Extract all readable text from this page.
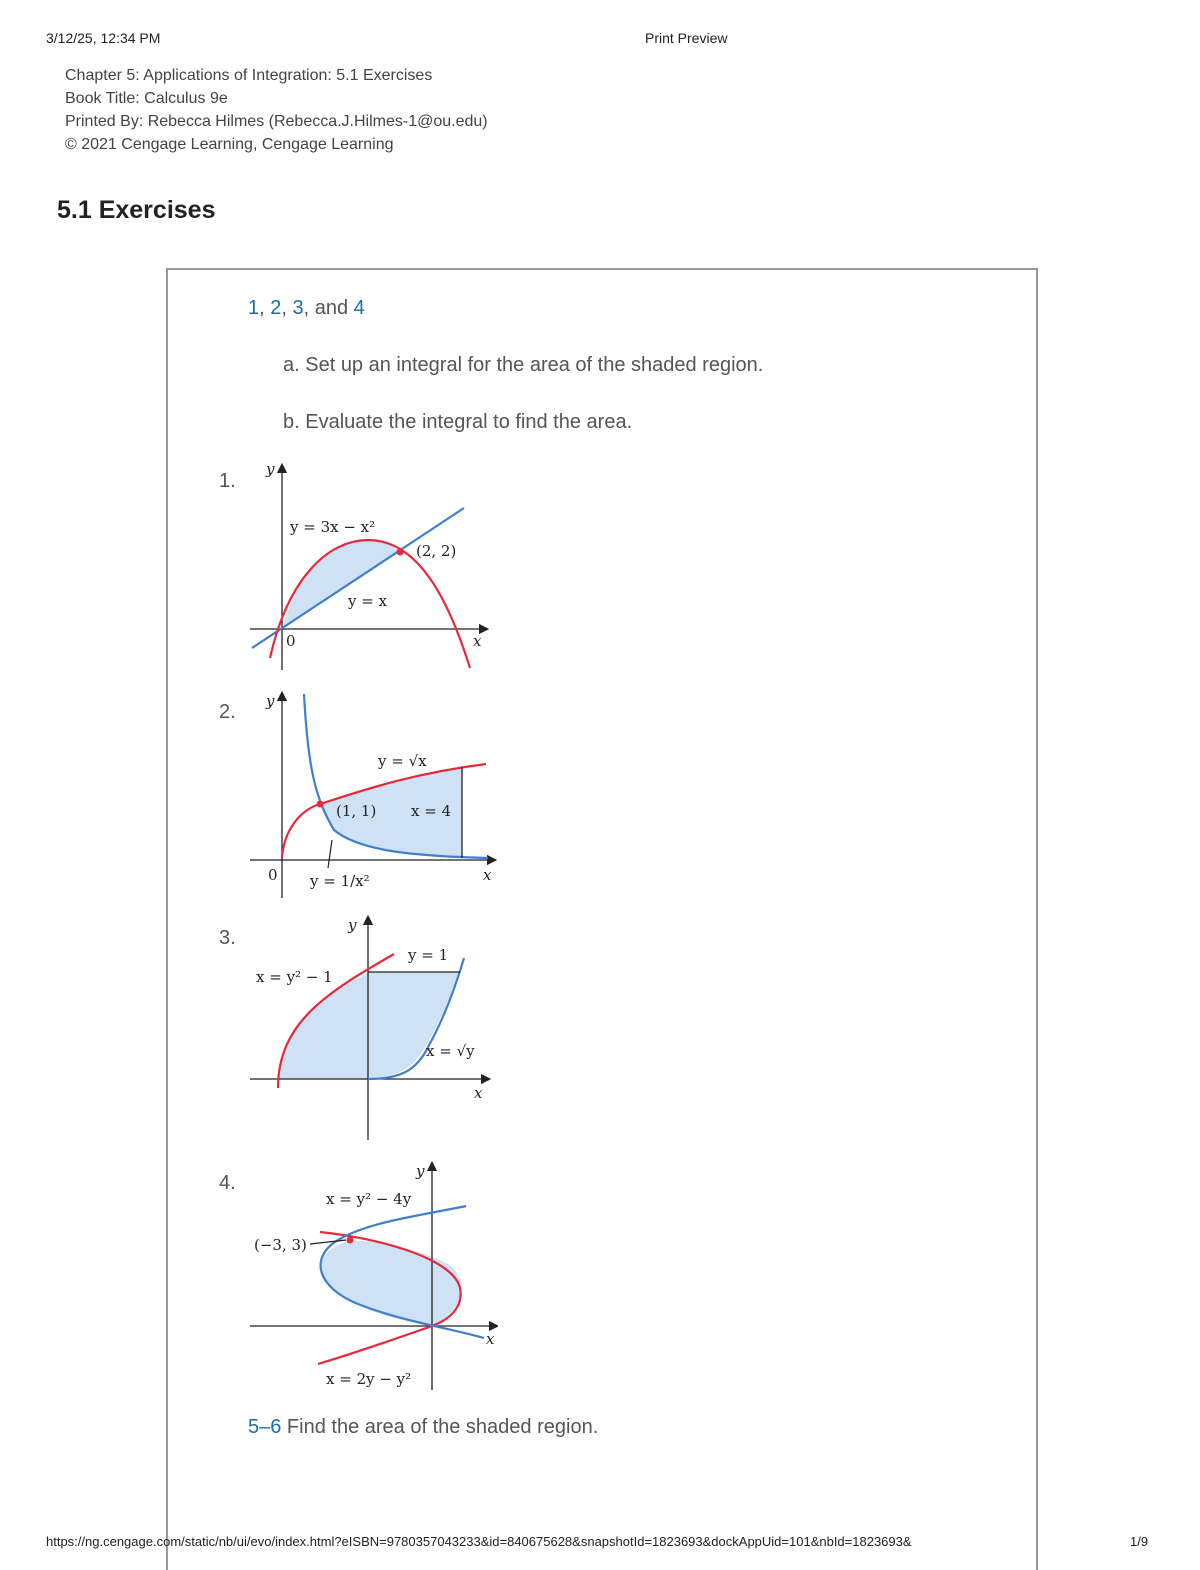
3/12/25, 12:34 PM	Print Preview
Chapter 5: Applications of Integration: 5.1 Exercises
Book Title: Calculus 9e
Printed By: Rebecca Hilmes (Rebecca.J.Hilmes-1@ou.edu)
© 2021 Cengage Learning, Cengage Learning
5.1 Exercises
1, 2, 3, and 4
a. Set up an integral for the area of the shaded region.
b. Evaluate the integral to find the area.
1.
2.
3.
4.
y
x
0
y = 3x − x²
y = x
(2, 2)
y
x
0
y = √x
x = 4
(1, 1)
y = 1/x²
y
x
x = y² − 1
y = 1
x = √y
y
x
x = y² − 4y
(−3, 3)
x = 2y − y²
5–6 Find the area of the shaded region.
https://ng.cengage.com/static/nb/ui/evo/index.html?eISBN=9780357043233&id=840675628&snapshotId=1823693&dockAppUid=101&nbId=1823693&	1/9
